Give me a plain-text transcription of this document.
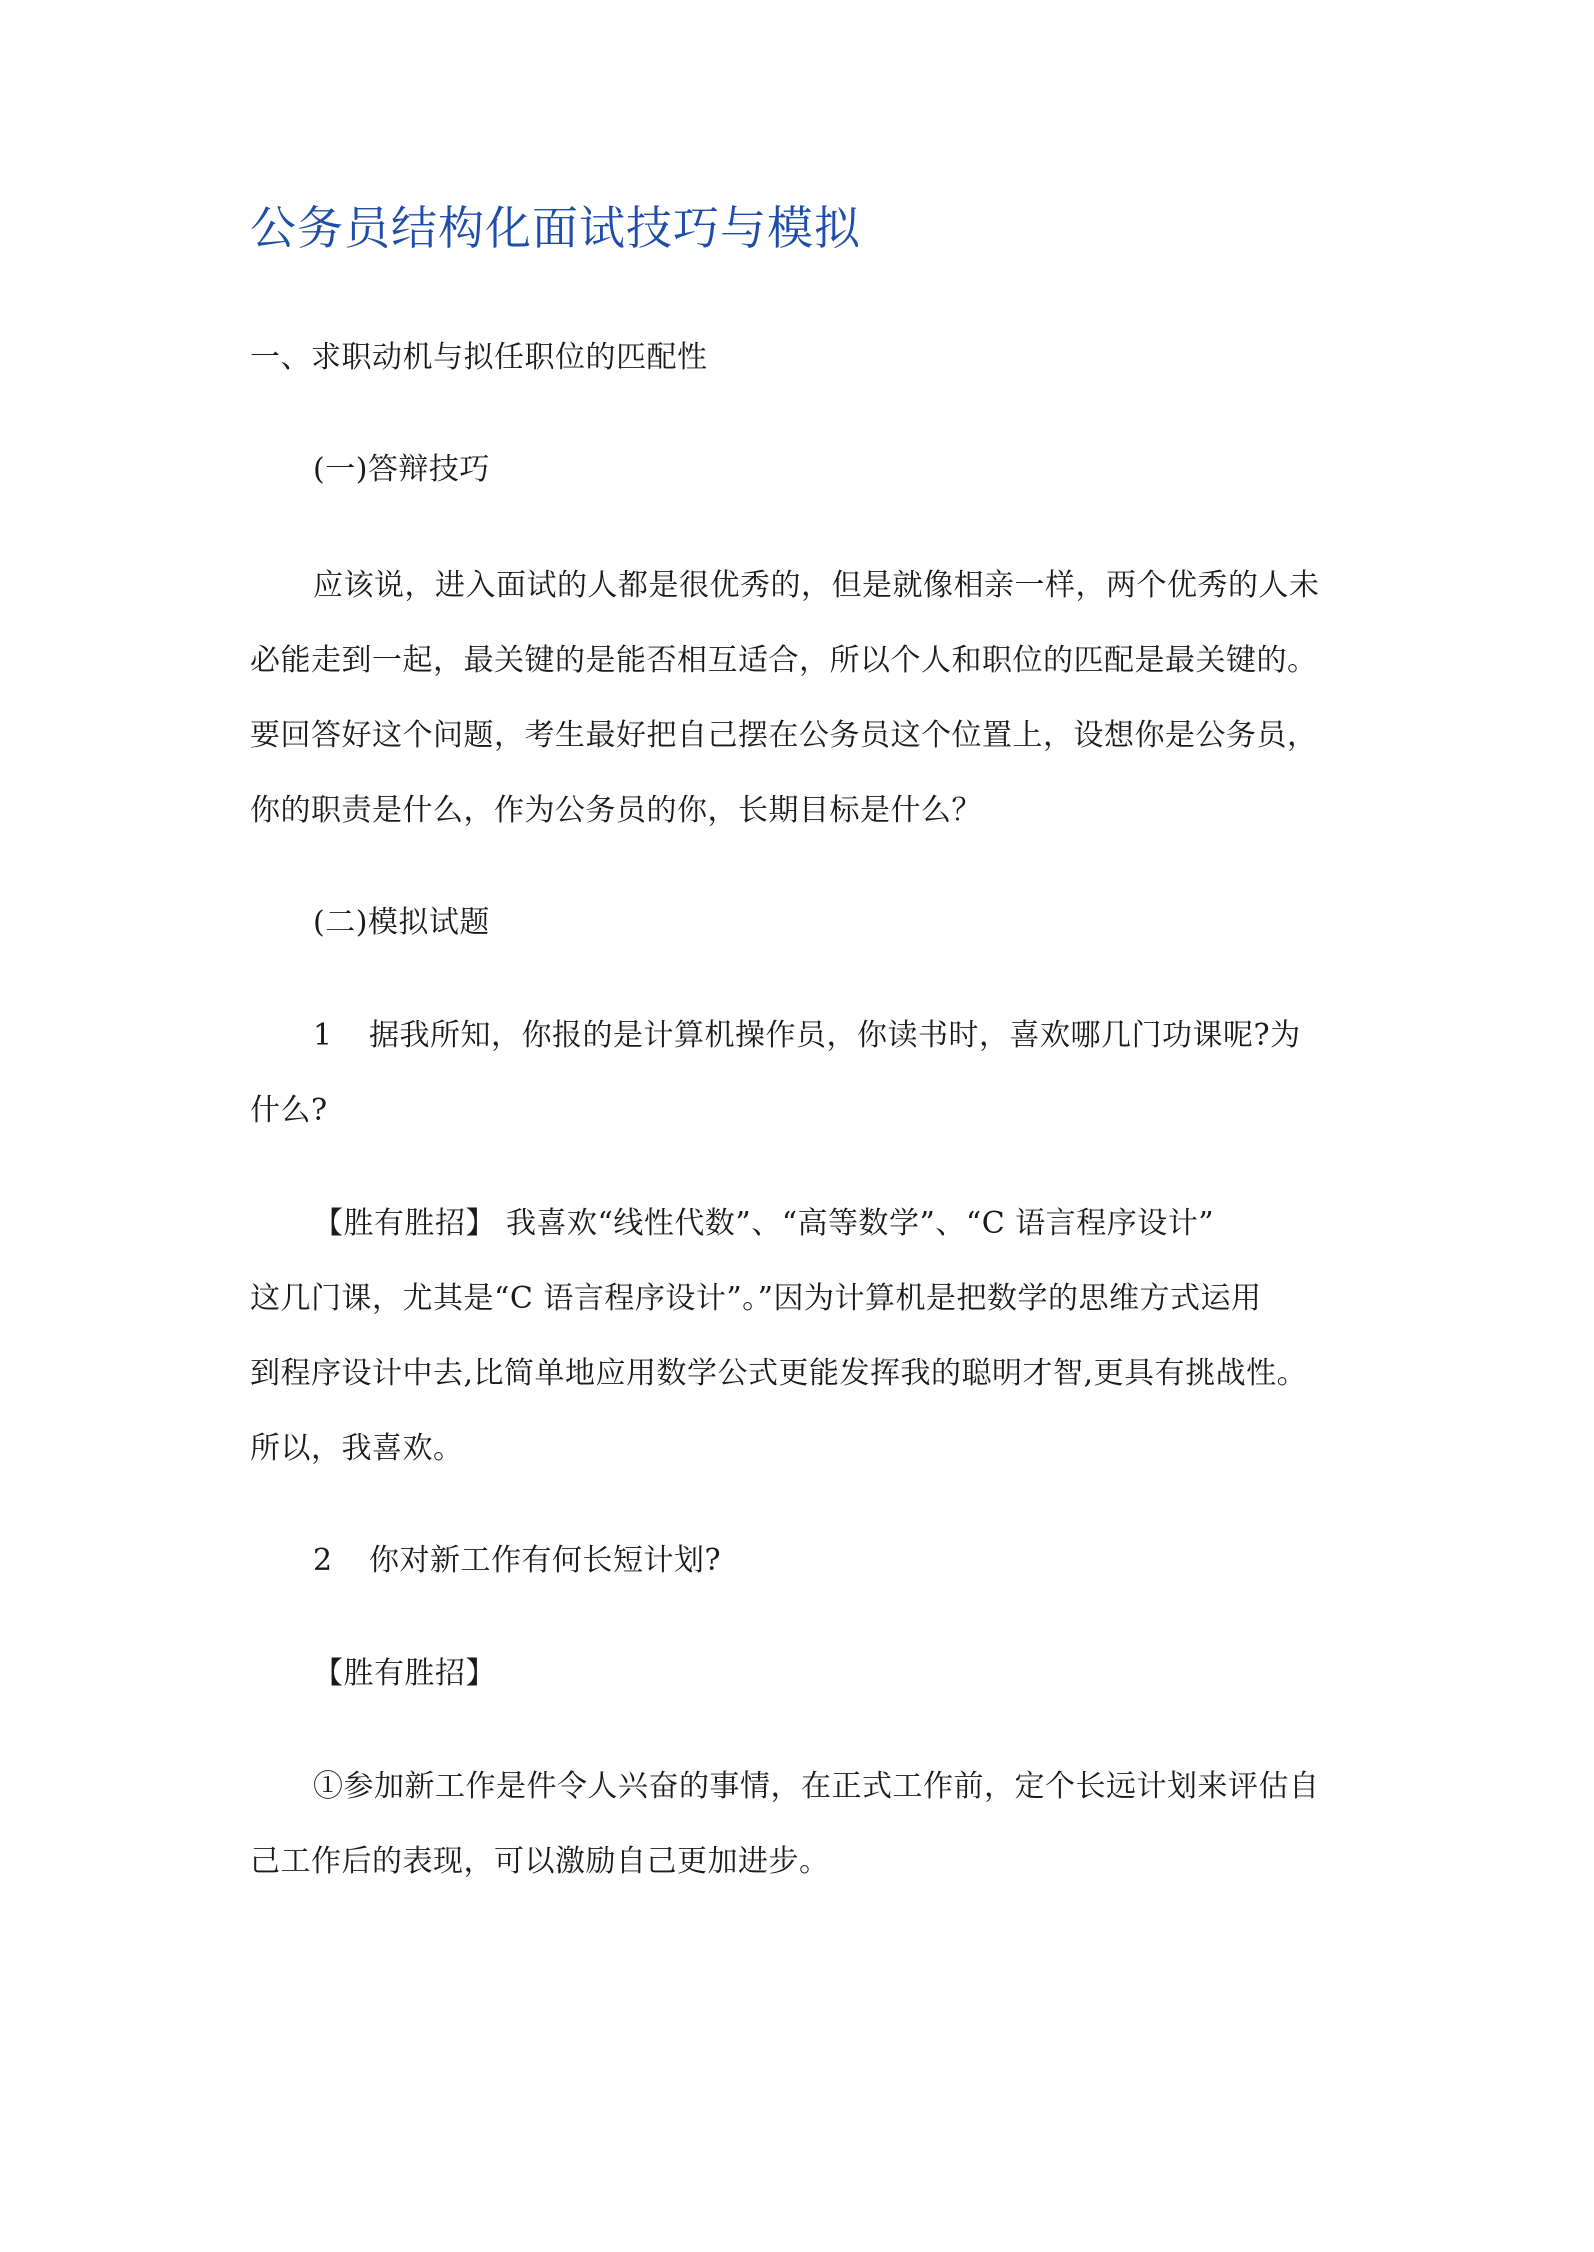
公务员结构化面试技巧与模拟
一、求职动机与拟任职位的匹配性
(一)答辩技巧
应该说，进入面试的人都是很优秀的，但是就像相亲一样，两个优秀的人未
必能走到一起，最关键的是能否相互适合，所以个人和职位的匹配是最关键的。
要回答好这个问题，考生最好把自己摆在公务员这个位置上，设想你是公务员，
你的职责是什么，作为公务员的你，长期目标是什么？
(二)模拟试题
1 据我所知，你报的是计算机操作员，你读书时，喜欢哪几门功课呢?为
什么?
【胜有胜招】 我喜欢“线性代数”、“高等数学”、“C 语言程序设计”
这几门课，尤其是“C 语言程序设计”。”因为计算机是把数学的思维方式运用
到程序设计中去,比简单地应用数学公式更能发挥我的聪明才智,更具有挑战性。
所以，我喜欢。
2 你对新工作有何长短计划?
【胜有胜招】
①参加新工作是件令人兴奋的事情，在正式工作前，定个长远计划来评估自
己工作后的表现，可以激励自己更加进步。
